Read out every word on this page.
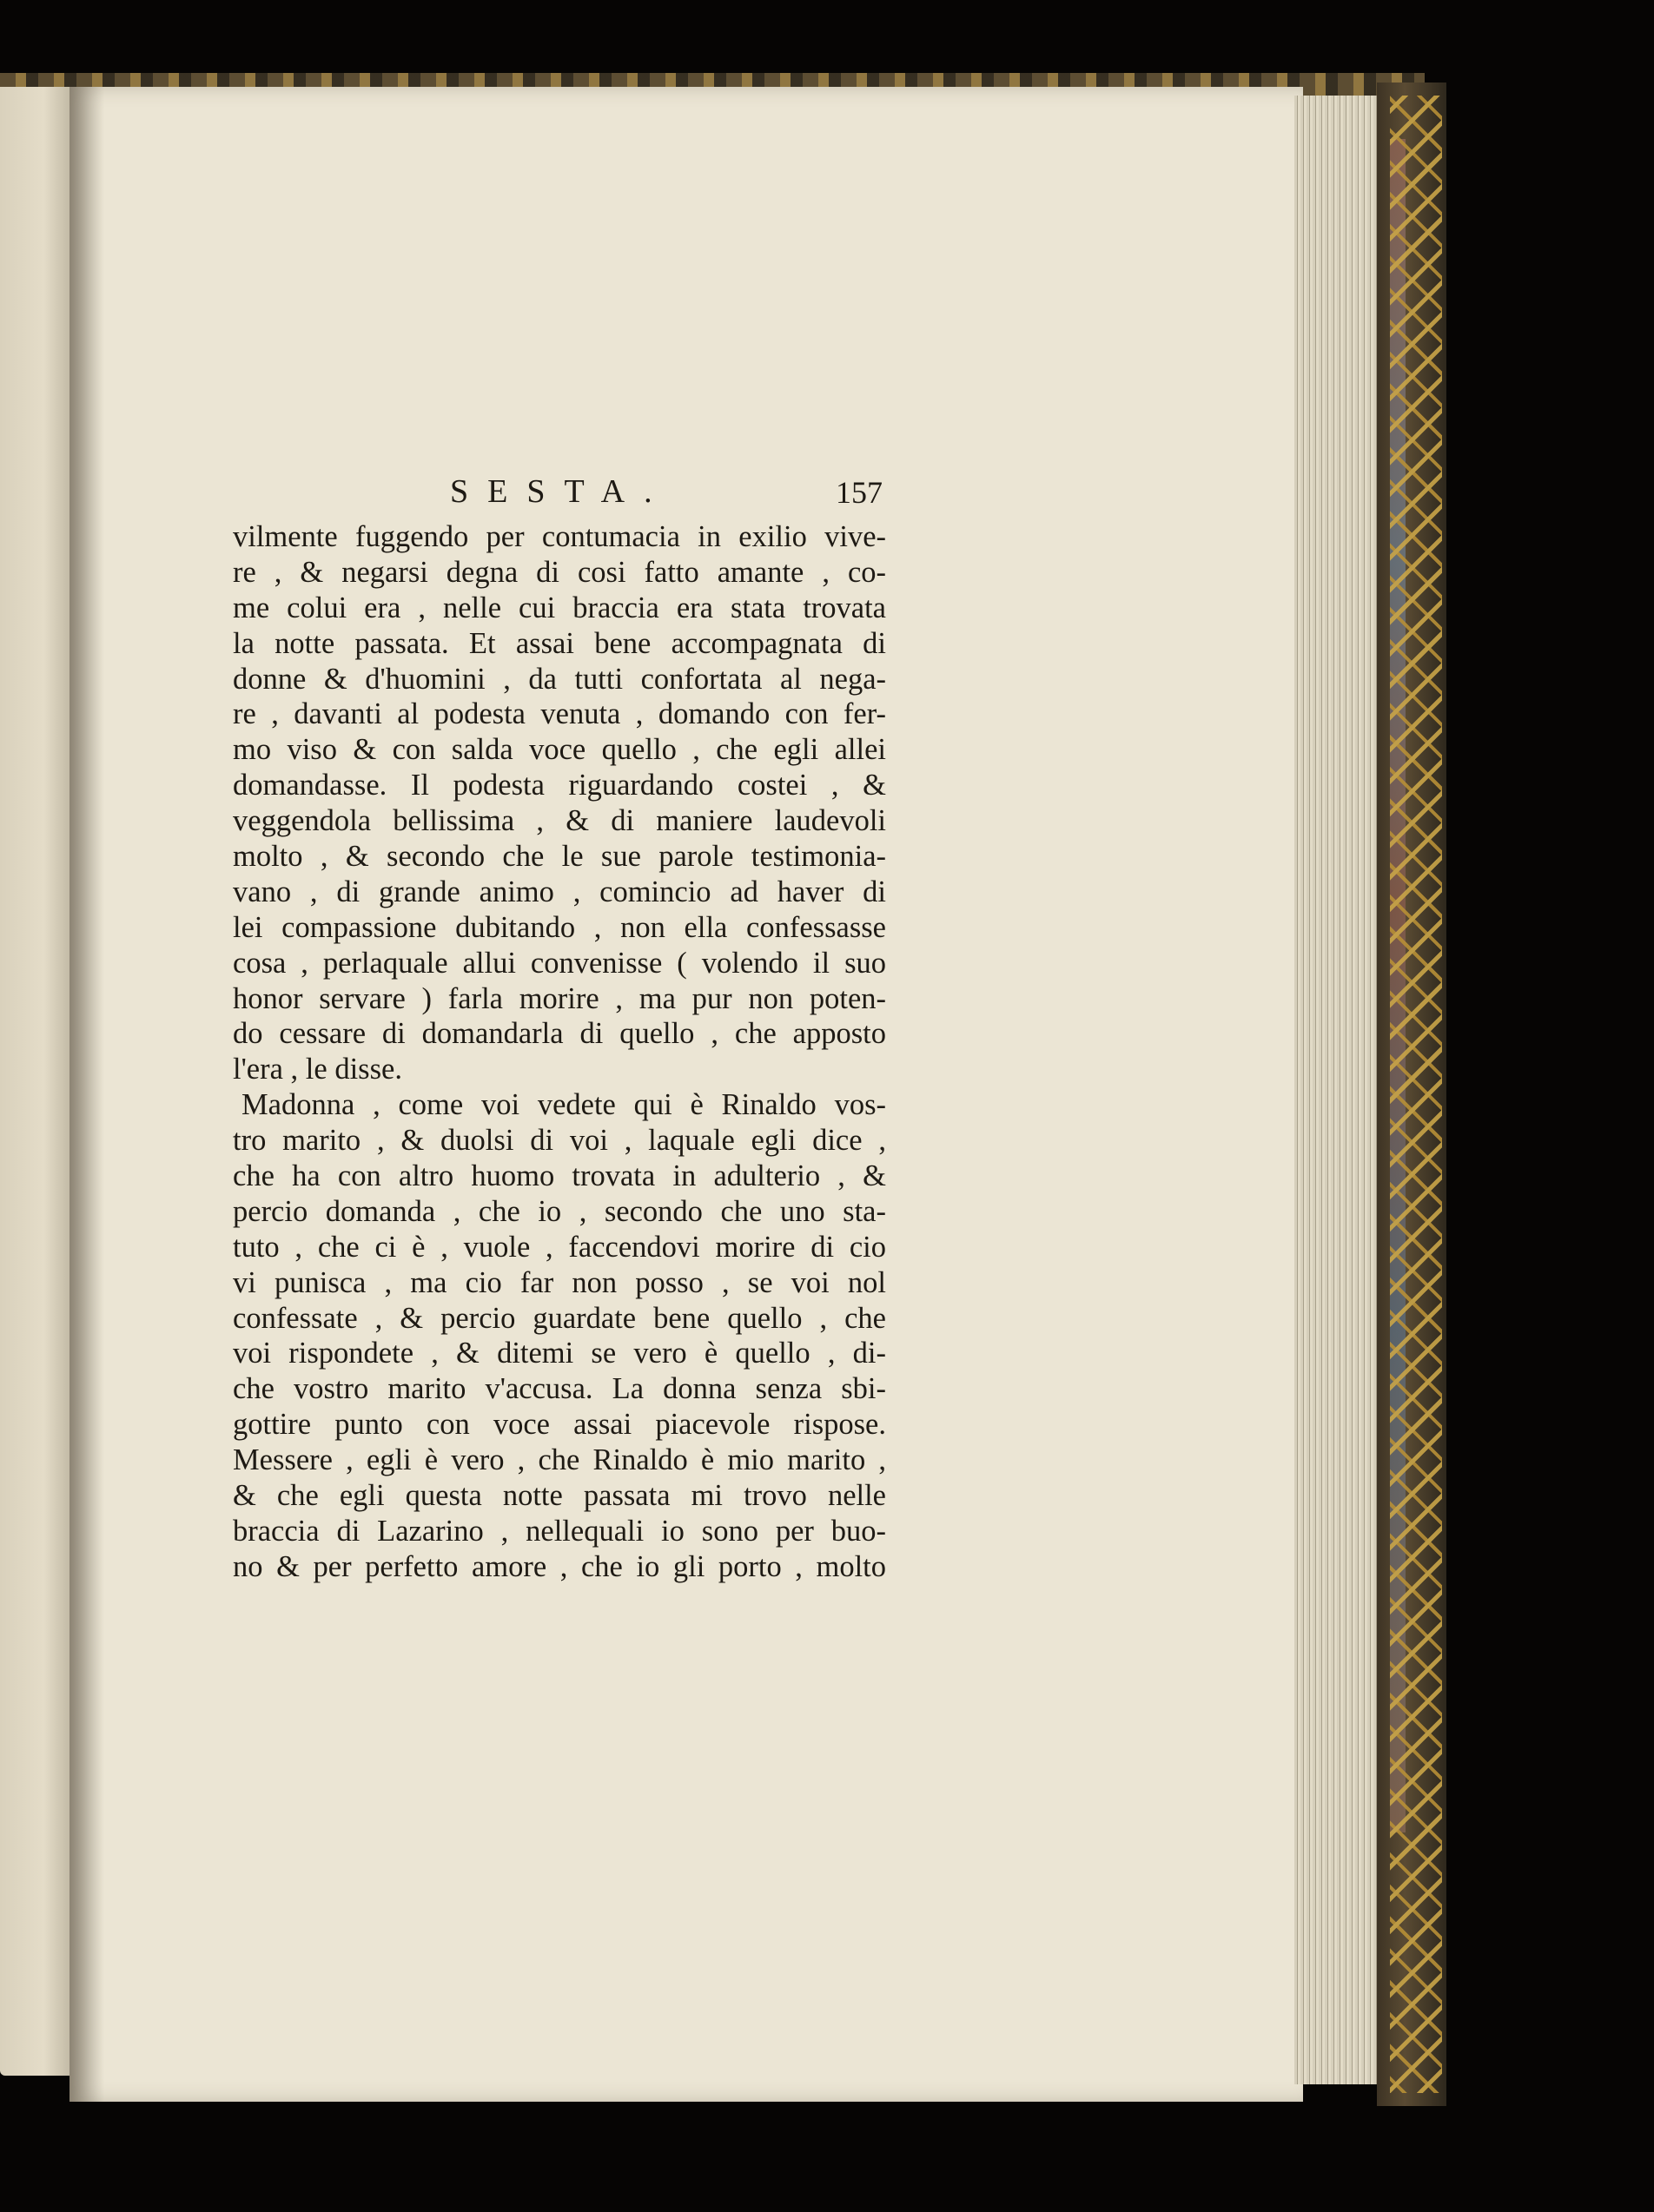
SESTA.	157
vilmente fuggendo per contumacia in exilio vive-
re , & negarsi degna di cosi fatto amante , co-
me colui era , nelle cui braccia era stata trovata
la notte passata. Et assai bene accompagnata di
donne & d'huomini , da tutti confortata al nega-
re , davanti al podesta venuta , domando con fer-
mo viso & con salda voce quello , che egli allei
domandasse. Il podesta riguardando costei , &
veggendola bellissima , & di maniere laudevoli
molto , & secondo che le sue parole testimonia-
vano , di grande animo , comincio ad haver di
lei compassione dubitando , non ella confessasse
cosa , perlaquale allui convenisse ( volendo il suo
honor servare ) farla morire , ma pur non poten-
do cessare di domandarla di quello , che apposto
l'era , le disse.
Madonna , come voi vedete qui è Rinaldo vos-
tro marito , & duolsi di voi , laquale egli dice ,
che ha con altro huomo trovata in adulterio , &
percio domanda , che io , secondo che uno sta-
tuto , che ci è , vuole , faccendovi morire di cio
vi punisca , ma cio far non posso , se voi nol
confessate , & percio guardate bene quello , che
voi rispondete , & ditemi se vero è quello , di-
che vostro marito v'accusa. La donna senza sbi-
gottire punto con voce assai piacevole rispose.
Messere , egli è vero , che Rinaldo è mio marito ,
& che egli questa notte passata mi trovo nelle
braccia di Lazarino , nellequali io sono per buo-
no & per perfetto amore , che io gli porto , molto
